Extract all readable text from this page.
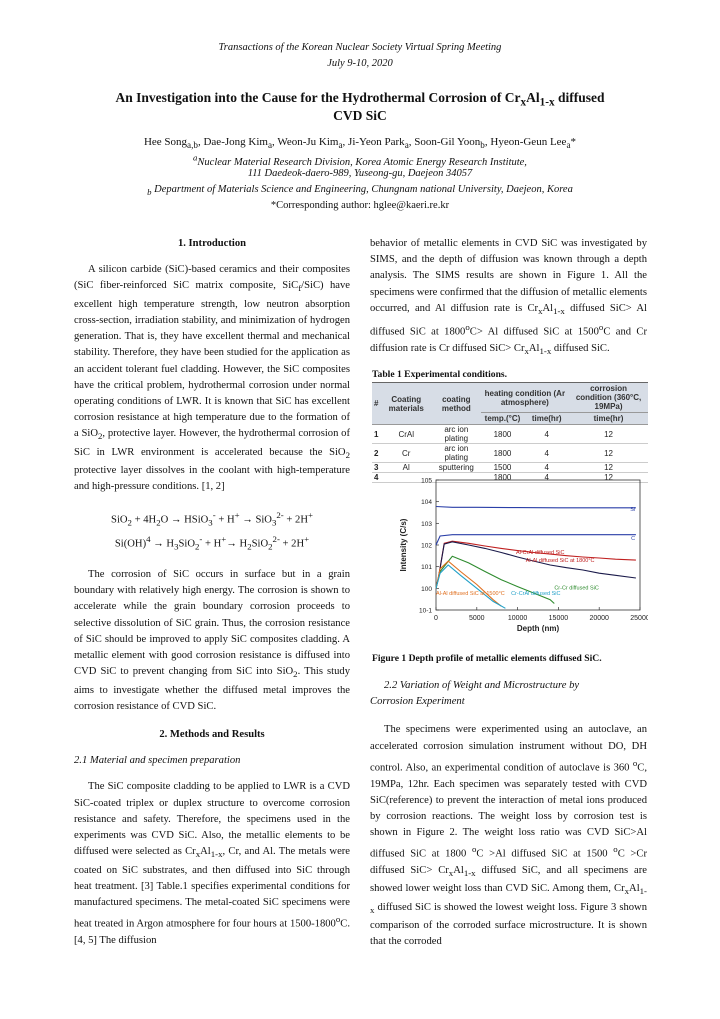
Transactions of the Korean Nuclear Society Virtual Spring Meeting
July 9-10, 2020
An Investigation into the Cause for the Hydrothermal Corrosion of $Cr_xAl_{1-x}$ diffused
CVD SiC
Hee Song$_{a,b}$, Dae-Jong Kim$_a$, Weon-Ju Kim$_a$, Ji-Yeon Park$_a$, Soon-Gil Yoon$_b$, Hyeon-Geun Lee$_a$*
$^a$Nuclear Material Research Division, Korea Atomic Energy Research Institute,
111 Daedeok-daero-989, Yuseong-gu, Daejeon 34057
$_b$ Department of Materials Science and Engineering, Chungnam national University, Daejeon, Korea
*Corresponding author: hglee@kaeri.re.kr

1. Introduction

A silicon carbide (SiC)-based ceramics and their composites (SiC fiber-reinforced SiC matrix composite, SiC$_f$/SiC) have excellent high temperature strength, low neutron absorption cross-section, irradiation stability, and minimization of hydrogen generation. That is, they have excellent thermal and mechanical stability. Therefore, they have been studied for the application as an accident tolerant fuel cladding. However, the SiC composites have the critical problem, hydrothermal corrosion under normal operating conditions of LWR. It is known that SiC has excellent corrosion resistance at high temperature due to the formation of a SiO$_2$, protective layer. However, the hydrothermal corrosion of SiC in LWR environment is accelerated because the SiO$_2$ protective layer dissolves in the coolant with high-temperature and high-pressure conditions. [1, 2]

$SiO_2 + 4H_2O$ → HSiO$_3$- + H+ → SiO$_3^{2-}$ + 2H+

$Si(OH)^4 \to H_3SiO_2^- + H^+\to H_2SiO_2^{2-} + 2H^+$

The corrosion of SiC occurs in surface but in a grain boundary with relatively high energy. The corrosion is shown to accelerate while the grain boundary corrosion proceeds to selective dissolution of SiC grain. Thus, the corrosion resistance of SiC should be improved to apply SiC composites cladding. A metallic element with good corrosion resistance is diffused into CVD SiC to prevent changing from SiC into SiO$_2$. This study aims to investigate whether the diffused metal improves the corrosion resistance of CVD SiC.

2. Methods and Results

2.1 Material and specimen preparation

The SiC composite cladding to be applied to LWR is a CVD SiC-coated triplex or duplex structure to overcome corrosion resistance and safety. Therefore, the specimens used in the experiments was CVD SiC. Also, the metallic elements to be diffused were selected as $Cr_xAl_{1-x}$, Cr, and Al. The metals were coated on SiC substrates, and then diffused into SiC through heat treatment. [3] Table.1 specifies experimental conditions for manufactured specimens. The metal-coated SiC specimens were heat treated in Argon atmosphere for four hours at 1500-1800$^o$C. [4, 5] The diffusion

behavior of metallic elements in CVD SiC was investigated by SIMS, and the depth of diffusion was known through a depth analysis. The SIMS results are shown in Figure 1. All the specimens were confirmed that the diffusion of metallic elements occurred, and Al diffusion rate is $Cr_xAl_{1-x}$ diffused SiC> Al diffused SiC at $1800^oC> Al$ diffused SiC at 1500$^o$C and Cr diffusion rate is Cr diffused $SiC> Cr_xAl_{1-x}$ diffused SiC.

Table 1 Experimental conditions.
#	Coating materials	coating method	heating condition (Ar atmosphere)		corrosion condition (360°C, 19MPa)
			temp.(°C)	time(hr)	time(hr)
1	CrAl	arc ion plating	1800	4	12
2	Cr	arc ion plating	1800	4	12
3	Al	sputtering	1500	4	12
4			1800	4	12
0	5000	10000	15000	20000	25000
10-1
100
101
102
103
104
105
Depth (nm)
Intensity (C/s)
Si
C
Al-CrAl diffused SiC
Al-Al diffused SiC at 1800°C
Cr-Cr diffused SiC
Al-Al diffused SiC at 1500°C Cr-CrAl diffused SiC
Figure 1 Depth profile of metallic elements diffused SiC.

2.2 Variation of Weight and Microstructure by

Corrosion Experiment

The specimens were experimented using an autoclave, an accelerated corrosion simulation instrument without DO, DH control. Also, an experimental condition of autoclave is 360 $^o$C, 19MPa, 12hr. Each specimen was separately tested with CVD SiC(reference) to prevent the interaction of metal ions produced by corrosion reactions. The weight loss by corrosion test is shown in Figure 2. The weight loss ratio was CVD SiC>Al diffused SiC at 1800 $^o$C >Al diffused SiC at 1500 $^o$C >Cr diffused $SiC> Cr_xAl_{1-x}$ diffused SiC, and all specimens are showed lower weight loss than CVD SiC. Among them, $Cr_xAl_{1-x}$ diffused SiC is showed the lowest weight loss. Figure 3 shown comparison of the corroded surface microstructure. It is shown that the corroded
